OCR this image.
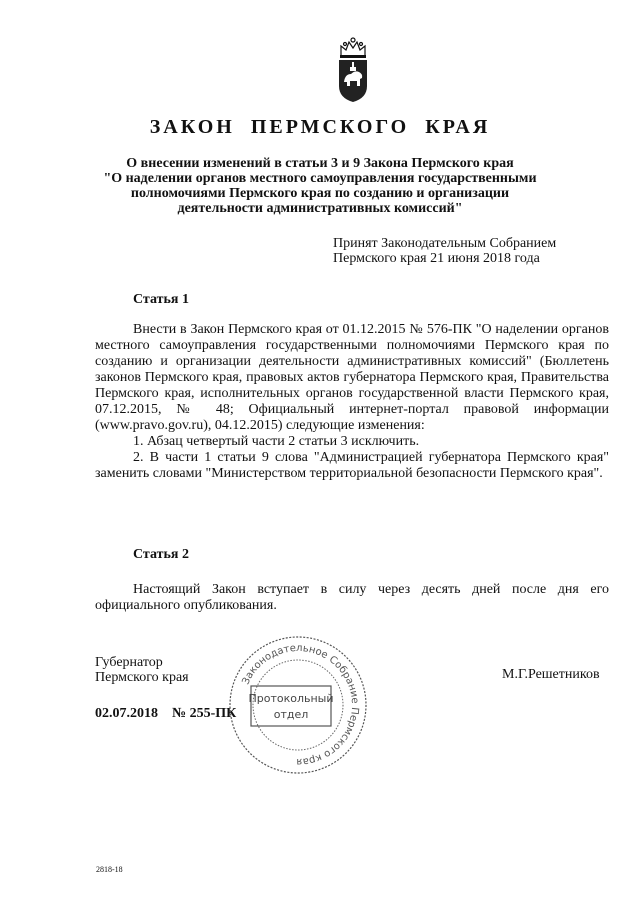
ЗАКОН ПЕРМСКОГО КРАЯ
О внесении изменений в статьи 3 и 9 Закона Пермского края
"О наделении органов местного самоуправления государственными
полномочиями Пермского края по созданию и организации
деятельности административных комиссий"
Принят Законодательным Собранием
Пермского края 21 июня 2018 года
Статья 1

Внести в Закон Пермского края от 01.12.2015 № 576-ПК "О наделении органов местного самоуправления государственными полномочиями Пермского края по созданию и организации деятельности административных комиссий" (Бюллетень законов Пермского края, правовых актов губернатора Пермского края, Правительства Пермского края, исполнительных органов государственной власти Пермского края, 07.12.2015, № 48; Официальный интернет-портал правовой информации (www.pravo.gov.ru), 04.12.2015) следующие изменения:

1. Абзац четвертый части 2 статьи 3 исключить.

2. В части 1 статьи 9 слова "Администрацией губернатора Пермского края" заменить словами "Министерством территориальной безопасности Пермского края".

Статья 2

Настоящий Закон вступает в силу через десять дней после дня его официального опубликования.

Губернатор
Пермского края	М.Г.Решетников
02.07.2018 № 255-ПК
Законодательное Собрание Пермского края
Протокольный
отдел
2818-18
